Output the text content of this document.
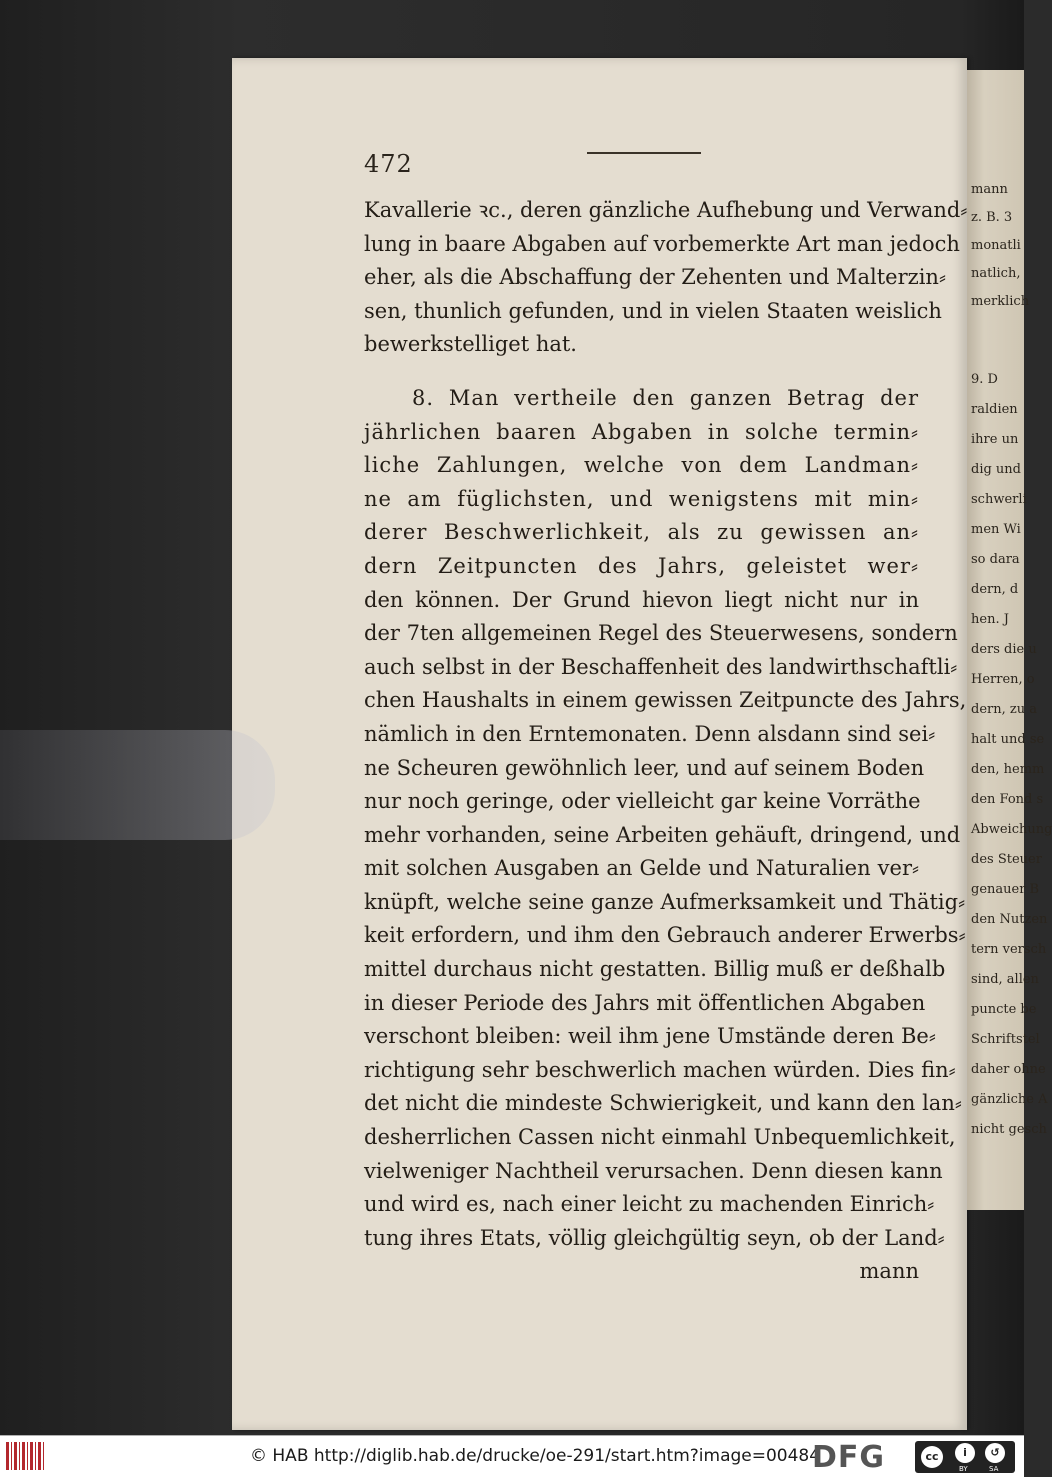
472
Kavallerie ꝛc., deren gänzliche Aufhebung und Verwand⸗
lung in baare Abgaben auf vorbemerkte Art man jedoch
eher, als die Abschaffung der Zehenten und Malterzin⸗
sen, thunlich gefunden, und in vielen Staaten weislich
bewerkstelliget hat.
8. Man vertheile den ganzen Betrag der
jährlichen baaren Abgaben in solche termin⸗
liche Zahlungen, welche von dem Landman⸗
ne am füglichsten, und wenigstens mit min⸗
derer Beschwerlichkeit, als zu gewissen an⸗
dern Zeitpuncten des Jahrs, geleistet wer⸗
den können. Der Grund hievon liegt nicht nur in
der 7ten allgemeinen Regel des Steuerwesens, sondern
auch selbst in der Beschaffenheit des landwirthschaftli⸗
chen Haushalts in einem gewissen Zeitpuncte des Jahrs,
nämlich in den Erntemonaten. Denn alsdann sind sei⸗
ne Scheuren gewöhnlich leer, und auf seinem Boden
nur noch geringe, oder vielleicht gar keine Vorräthe
mehr vorhanden, seine Arbeiten gehäuft, dringend, und
mit solchen Ausgaben an Gelde und Naturalien ver⸗
knüpft, welche seine ganze Aufmerksamkeit und Thätig⸗
keit erfordern, und ihm den Gebrauch anderer Erwerbs⸗
mittel durchaus nicht gestatten. Billig muß er deßhalb
in dieser Periode des Jahrs mit öffentlichen Abgaben
verschont bleiben: weil ihm jene Umstände deren Be⸗
richtigung sehr beschwerlich machen würden. Dies fin⸗
det nicht die mindeste Schwierigkeit, und kann den lan⸗
desherrlichen Cassen nicht einmahl Unbequemlichkeit,
vielweniger Nachtheil verursachen. Denn diesen kann
und wird es, nach einer leicht zu machenden Einrich⸗
tung ihres Etats, völlig gleichgültig seyn, ob der Land⸗
mann
mann
z. B. 3
monatli
natlich,
merklich
9. D
raldien
ihre un
dig und
schwerli
men Wi
so dara
dern, d
hen. J
ders die u
Herren, o
dern, zu a
halt und se
den, hemm
den Fond s
Abweichung
des Steuer
genauer B
den Nutzen
tern versch
sind, allen
puncte be
Schriftstel
daher ohne
gänzliche A
nicht gesch
© HAB http://diglib.hab.de/drucke/oe-291/start.htm?image=00484
DFG	cc	i	↺
BY	SA
